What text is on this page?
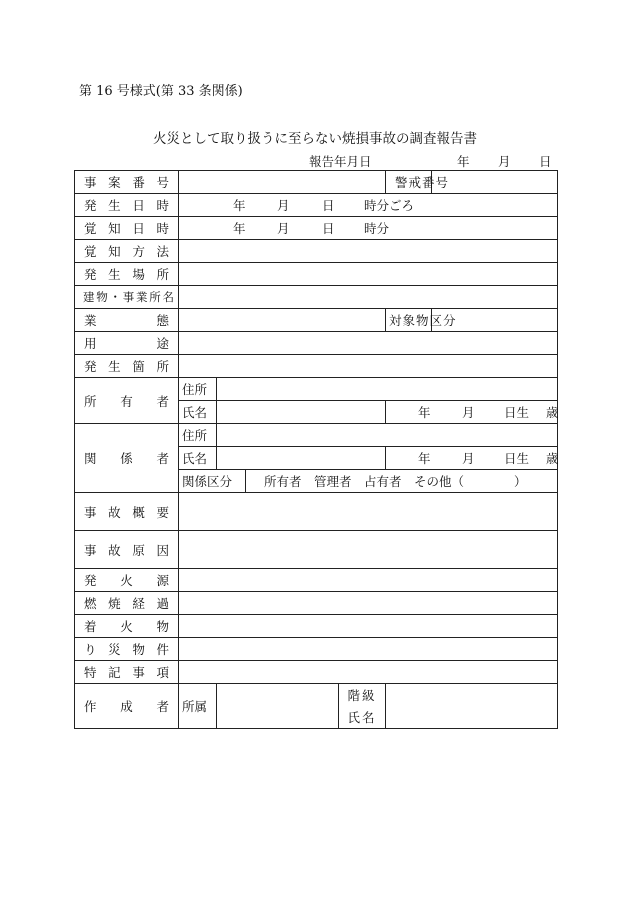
第 16 号様式(第 33 条関係)
火災として取り扱うに至らない焼損事故の調査報告書
報告年月日	年 月 日
事案番号					警戒番号	
発生日時	年 月 日 時分ごろ					
覚知日時	年 月 日 時分					
覚知方法						
発生場所						
建物・事業所名						
業態					対象物区分	
用途						
発生箇所						
所有者	住所					
	氏名				年 月 日生 歳	
関係者	住所					
	氏名				年 月 日生 歳	
	関係区分		所有者　管理者　占有者　その他（　　　　）			
事故概要						
事故原因						
発火源						
燃焼経過						
着火物						
り災物件						
特記事項						
作成者	所属			階級		
				氏名		
